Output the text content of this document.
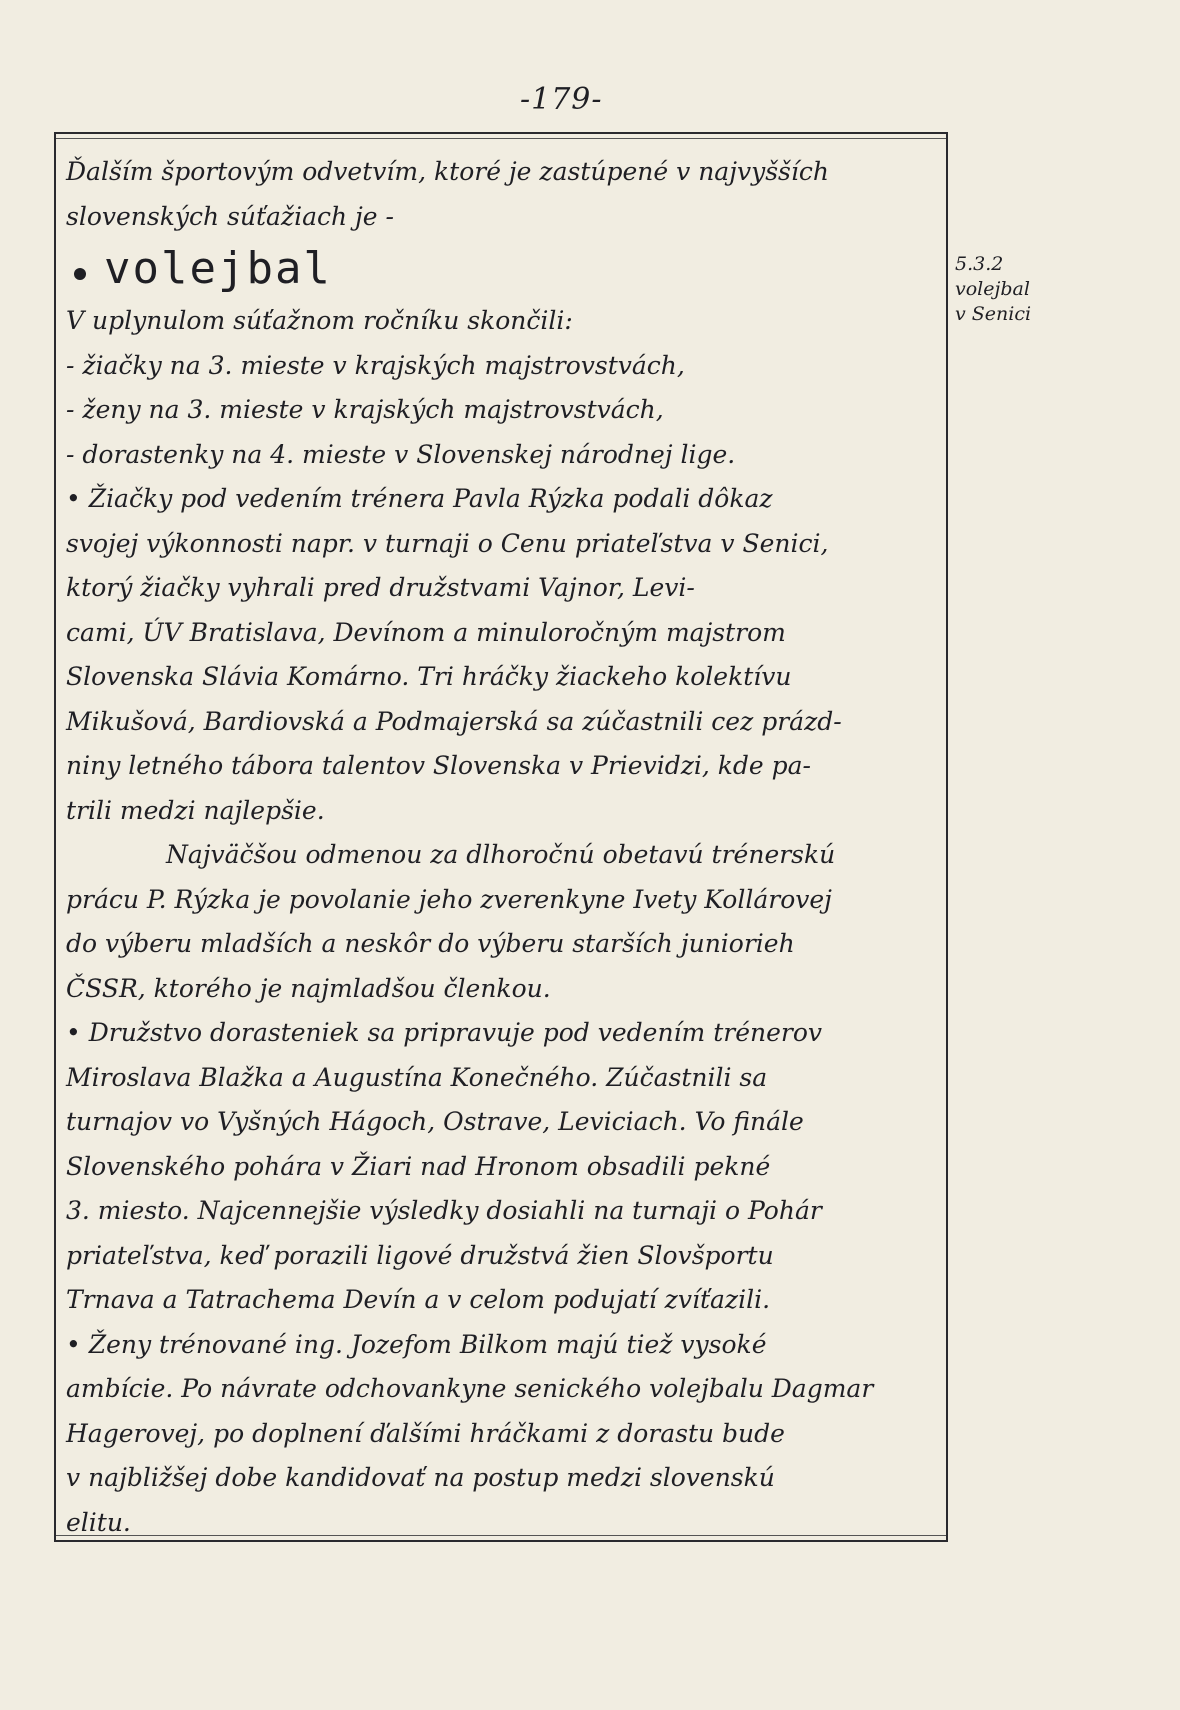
-179-
5.3.2
volejbal
v Senici
Ďalším športovým odvetvím, ktoré je zastúpené v najvyšších
slovenských súťažiach je -
volejbal
V uplynulom súťažnom ročníku skončili:
- žiačky na 3. mieste v krajských majstrovstvách,
- ženy na 3. mieste v krajských majstrovstvách,
- dorastenky na 4. mieste v Slovenskej národnej lige.
• Žiačky pod vedením trénera Pavla Rýzka podali dôkaz
svojej výkonnosti napr. v turnaji o Cenu priateľstva v Senici,
ktorý žiačky vyhrali pred družstvami Vajnor, Levi-
cami, ÚV Bratislava, Devínom a minuloročným majstrom
Slovenska Slávia Komárno. Tri hráčky žiackeho kolektívu
Mikušová, Bardiovská a Podmajerská sa zúčastnili cez prázd-
niny letného tábora talentov Slovenska v Prievidzi, kde pa-
trili medzi najlepšie.
Najväčšou odmenou za dlhoročnú obetavú trénerskú
prácu P. Rýzka je povolanie jeho zverenkyne Ivety Kollárovej
do výberu mladších a neskôr do výberu starších juniorieh
ČSSR, ktorého je najmladšou členkou.
• Družstvo dorasteniek sa pripravuje pod vedením trénerov
Miroslava Blažka a Augustína Konečného. Zúčastnili sa
turnajov vo Vyšných Hágoch, Ostrave, Leviciach. Vo finále
Slovenského pohára v Žiari nad Hronom obsadili pekné
3. miesto. Najcennejšie výsledky dosiahli na turnaji o Pohár
priateľstva, keď porazili ligové družstvá žien Slovšportu
Trnava a Tatrachema Devín a v celom podujatí zvíťazili.
• Ženy trénované ing. Jozefom Bilkom majú tiež vysoké
ambície. Po návrate odchovankyne senického volejbalu Dagmar
Hagerovej, po doplnení ďalšími hráčkami z dorastu bude
v najbližšej dobe kandidovať na postup medzi slovenskú
elitu.
